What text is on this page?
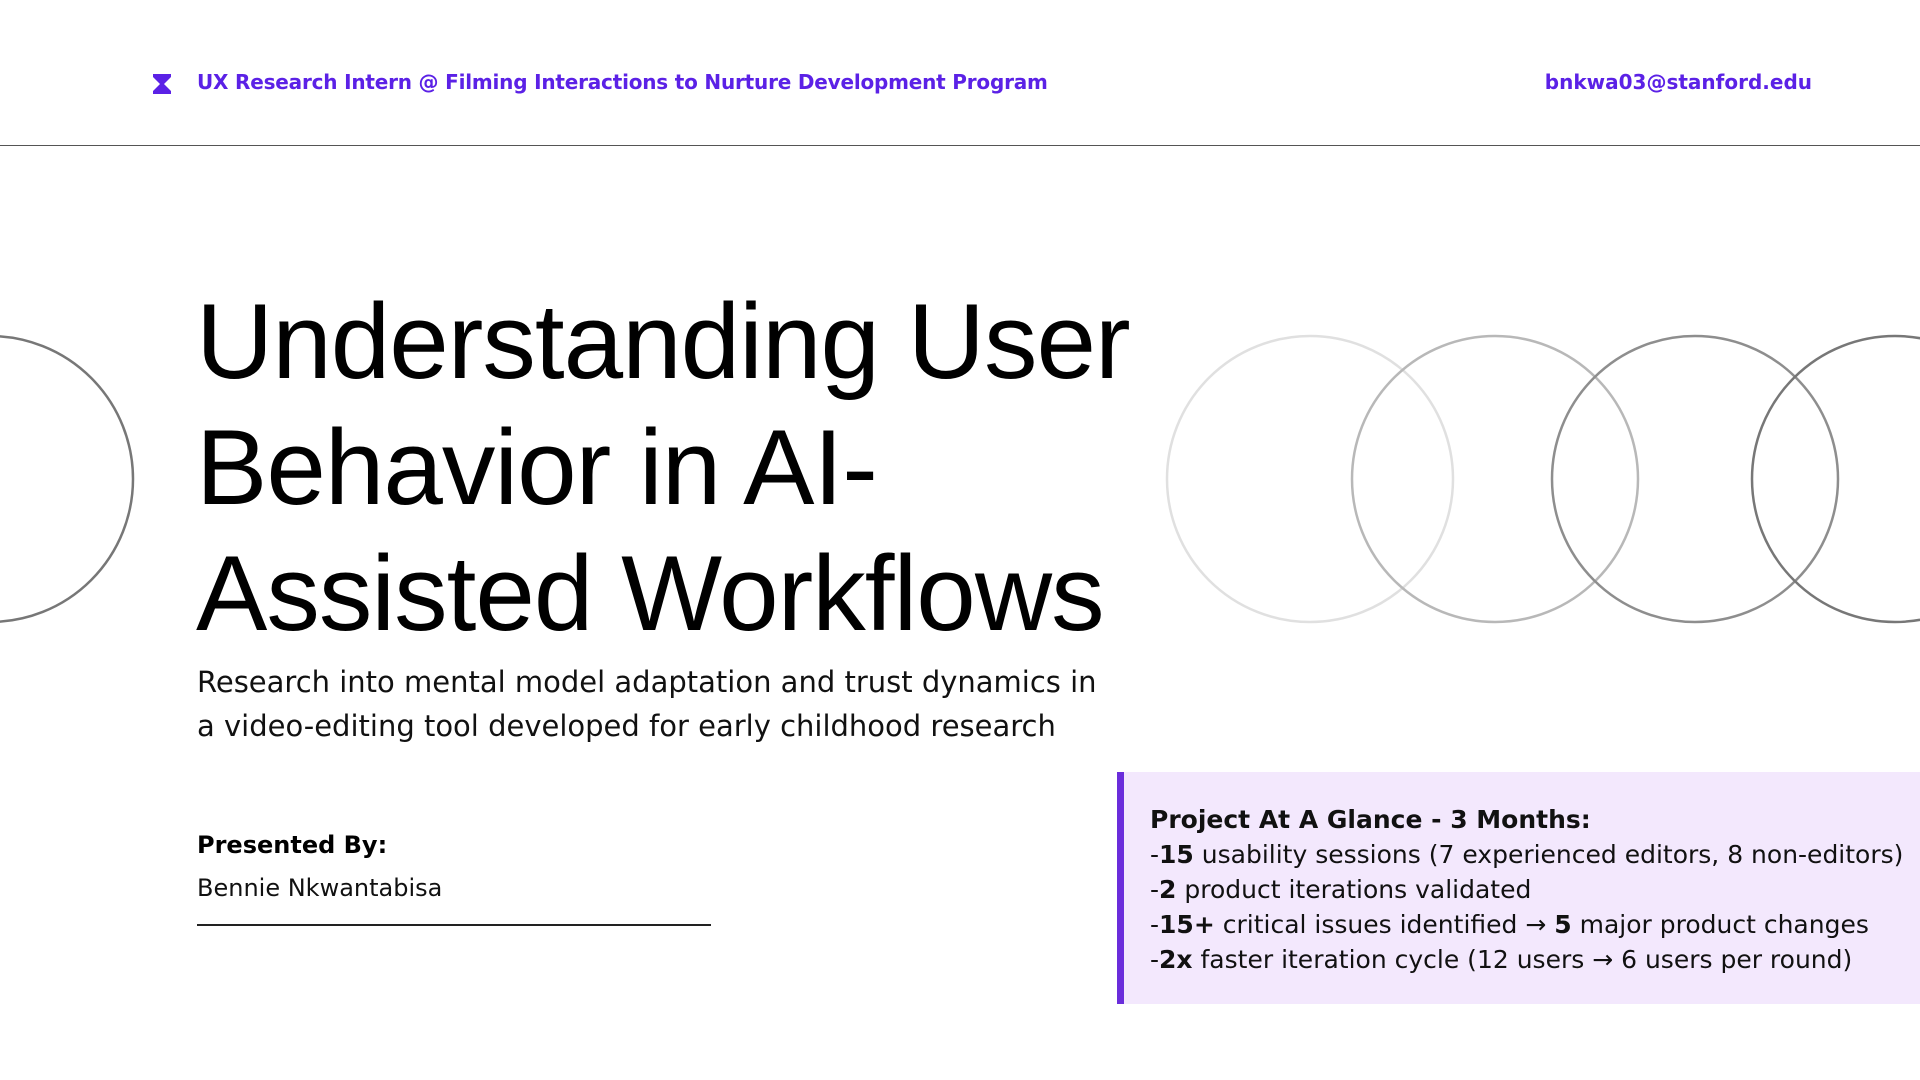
UX Research Intern @ Filming Interactions to Nurture Development Program	bnkwa03@stanford.edu
Understanding User
Behavior in AI-
Assisted Workflows

Research into mental model adaptation and trust dynamics in
a video-editing tool developed for early childhood research

Presented By:
Bennie Nkwantabisa
Project At A Glance - 3 Months:
-15 usability sessions (7 experienced editors, 8 non-editors)
-2 product iterations validated
-15+ critical issues identified → 5 major product changes
-2x faster iteration cycle (12 users → 6 users per round)
